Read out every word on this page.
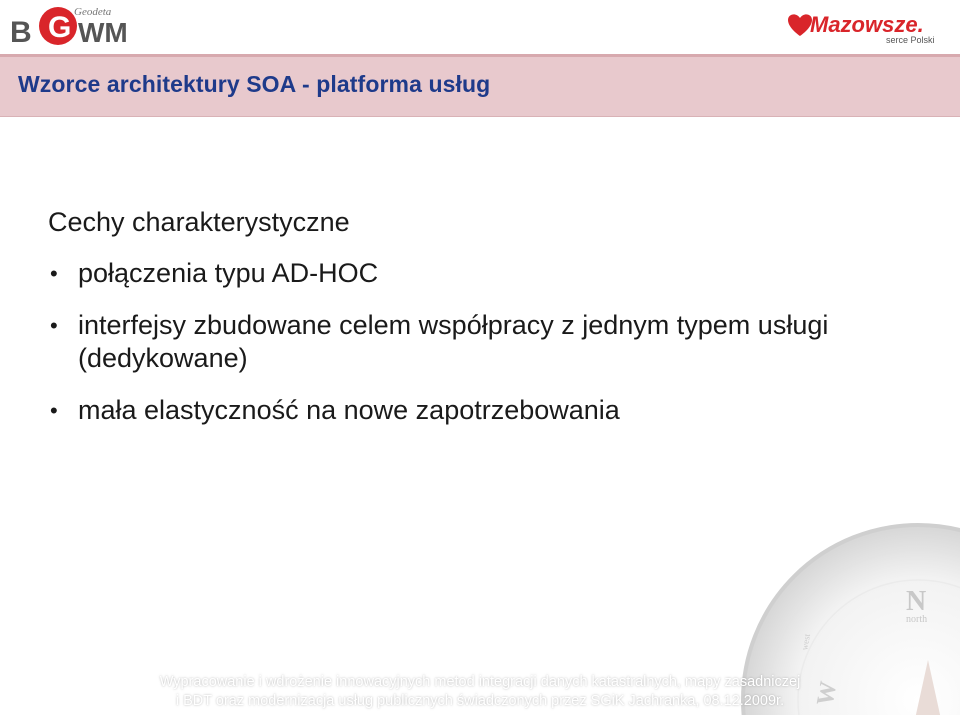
B G WM
Geodeta	Mazowsze.
serce Polski
Wzorce architektury SOA - platforma usług
N
north
W
west
Cechy charakterystyczne
• połączenia typu AD-HOC
• interfejsy zbudowane celem współpracy z jednym typem usługi (dedykowane)
• mała elastyczność na nowe zapotrzebowania
Wypracowanie i wdrożenie innowacyjnych metod integracji danych katastralnych, mapy zasadniczej
i BDT oraz modernizacja usług publicznych świadczonych przez SGiK Jachranka, 08.12.2009r.
